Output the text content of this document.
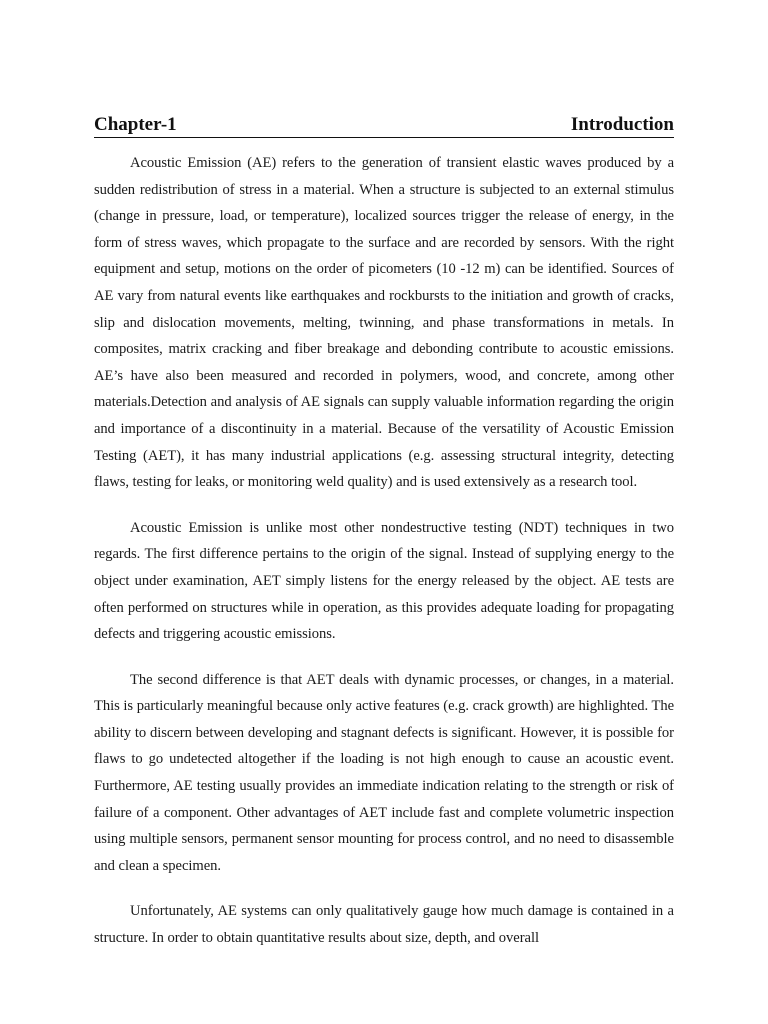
Chapter-1	Introduction

Acoustic Emission (AE) refers to the generation of transient elastic waves produced by a sudden redistribution of stress in a material. When a structure is subjected to an external stimulus (change in pressure, load, or temperature), localized sources trigger the release of energy, in the form of stress waves, which propagate to the surface and are recorded by sensors. With the right equipment and setup, motions on the order of picometers (10 -12 m) can be identified. Sources of AE vary from natural events like earthquakes and rockbursts to the initiation and growth of cracks, slip and dislocation movements, melting, twinning, and phase transformations in metals. In composites, matrix cracking and fiber breakage and debonding contribute to acoustic emissions. AE’s have also been measured and recorded in polymers, wood, and concrete, among other materials.Detection and analysis of AE signals can supply valuable information regarding the origin and importance of a discontinuity in a material. Because of the versatility of Acoustic Emission Testing (AET), it has many industrial applications (e.g. assessing structural integrity, detecting flaws, testing for leaks, or monitoring weld quality) and is used extensively as a research tool.

Acoustic Emission is unlike most other nondestructive testing (NDT) techniques in two regards. The first difference pertains to the origin of the signal. Instead of supplying energy to the object under examination, AET simply listens for the energy released by the object. AE tests are often performed on structures while in operation, as this provides adequate loading for propagating defects and triggering acoustic emissions.

The second difference is that AET deals with dynamic processes, or changes, in a material. This is particularly meaningful because only active features (e.g. crack growth) are highlighted. The ability to discern between developing and stagnant defects is significant. However, it is possible for flaws to go undetected altogether if the loading is not high enough to cause an acoustic event. Furthermore, AE testing usually provides an immediate indication relating to the strength or risk of failure of a component. Other advantages of AET include fast and complete volumetric inspection using multiple sensors, permanent sensor mounting for process control, and no need to disassemble and clean a specimen.

Unfortunately, AE systems can only qualitatively gauge how much damage is contained in a structure. In order to obtain quantitative results about size, depth, and overall
